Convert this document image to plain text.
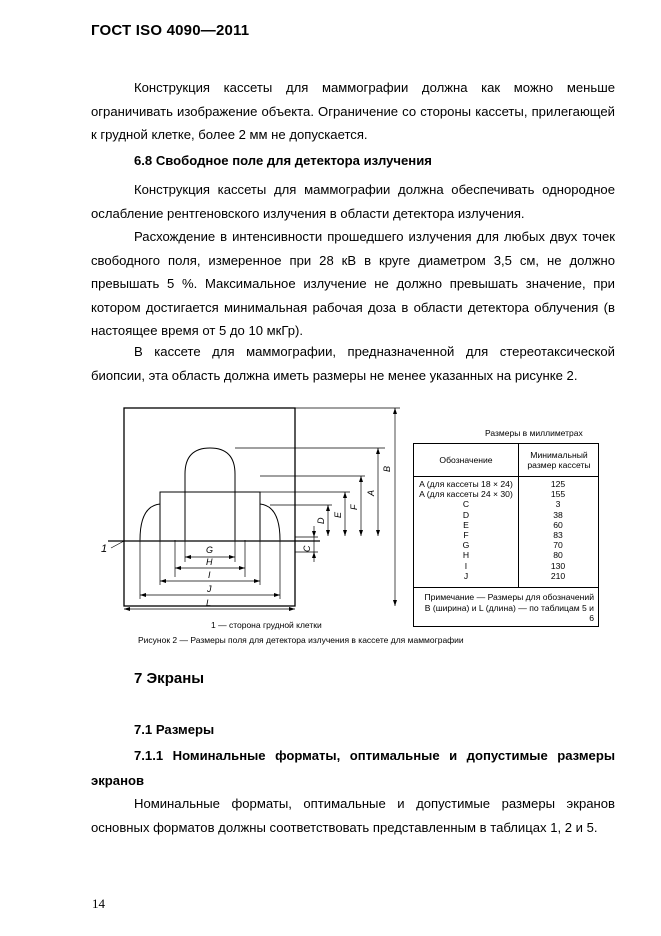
ГОСТ ISO 4090—2011
Конструкция кассеты для маммографии должна как можно меньше ограничивать изображение объекта. Ограничение со стороны кассеты, прилегающей к грудной клетке, более 2 мм не допускается.
6.8 Свободное поле для детектора излучения
Конструкция кассеты для маммографии должна обеспечивать однородное ослабление рентгеновского излучения в области детектора излучения.
Расхождение в интенсивности прошедшего излучения для любых двух точек свободного поля, измеренное при 28 кВ в круге диаметром 3,5 см, не должно превышать 5 %. Максимальное излучение не должно превышать значение, при котором достигается минимальная рабочая доза в области детектора облучения (в настоящее время от 5 до 10 мкГр).
В кассете для маммографии, предназначенной для стереотаксической биопсии, эта область должна иметь размеры не менее указанных на рисунке 2.
G
H
I
J
L
B
A
F
E
D
C
1
Размеры в миллиметрах
Обозначение	Минимальный размер кассеты
A (для кассеты 18 × 24)	125
A (для кассеты 24 × 30)	155
C	3
D	38
E	60
F	83
G	70
H	80
I	130
J	210
Примечание — Размеры для обозначений B (ширина) и L (длина) — по таблицам 5 и 6
1 — сторона грудной клетки
Рисунок 2 — Размеры поля для детектора излучения в кассете для маммографии
7 Экраны
7.1 Размеры
7.1.1 Номинальные форматы, оптимальные и допустимые размеры экранов
Номинальные форматы, оптимальные и допустимые размеры экранов основных форматов должны соответствовать представленным в таблицах 1, 2 и 5.
14
